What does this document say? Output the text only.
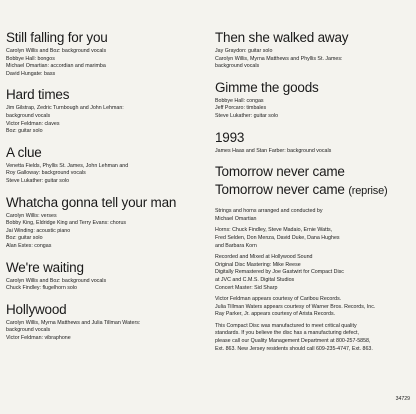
Still falling for you

Carolyn Willis and Boz: background vocals

Bobbye Hall: bongos

Michael Omartian: accordian and marimba

David Hungate: bass

Hard times

Jim Gilstrap, Zedric Turnbough and John Lehman:

background vocals

Victor Feldman: claves

Boz: guitar solo

A clue

Venetta Fields, Phyllis St. James, John Lehman and

Roy Galloway: background vocals

Steve Lukather: guitar solo

Whatcha gonna tell your man

Carolyn Willis: verses

Bobby King, Eldridge King and Terry Evans: chorus

Jai Winding: acoustic piano

Boz: guitar solo

Alan Estes: congas

We're waiting

Carolyn Willis and Boz: background vocals

Chuck Findley: flugelhorn solo

Hollywood

Carolyn Willis, Myrna Matthews and Julia Tillman Waters:

background vocals

Victor Feldman: vibraphone

Then she walked away

Jay Graydon: guitar solo

Carolyn Willis, Myrna Matthews and Phyllis St. James:

background vocals

Gimme the goods

Bobbye Hall: congas

Jeff Porcaro: timbales

Steve Lukather: guitar solo

1993

James Haas and Stan Farber: background vocals

Tomorrow never came
Tomorrow never came (reprise)

Strings and horns arranged and conducted by

Michael Omartian

Horns: Chuck Findley, Steve Madaio, Ernie Watts,

Fred Selden, Don Menza, David Duke, Dana Hughes

and Barbara Korn

Recorded and Mixed at Hollywood Sound

Original Disc Mastering: Mike Reese

Digitally Remastered by Joe Gastwirt for Compact Disc

at JVC and C.M.S. Digital Studios

Concert Master: Sid Sharp

Victor Feldman appears courtesy of Caribou Records.

Julia Tillman Waters appears courtesy of Warner Bros. Records, Inc.

Ray Parker, Jr. appears courtesy of Arista Records.

This Compact Disc was manufactured to meet critical quality

standards. If you believe the disc has a manufacturing defect,

please call our Quality Management Department at 800-257-5858,

Ext. 863. New Jersey residents should call 609-235-4747, Ext. 863.

34729
